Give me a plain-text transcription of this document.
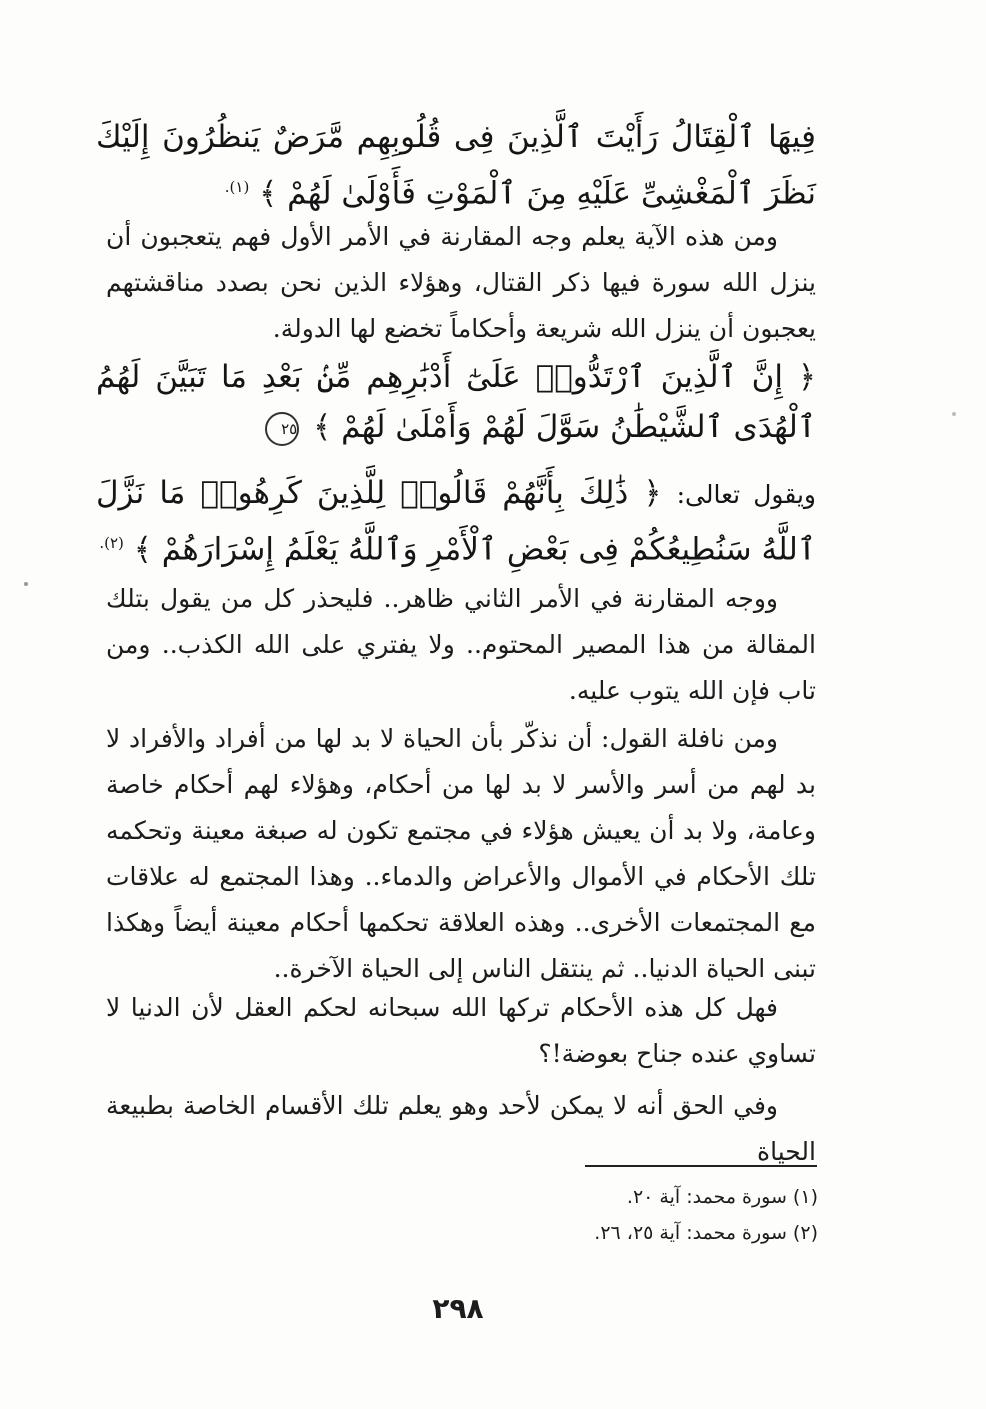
فِيهَا ٱلْقِتَالُ رَأَيْتَ ٱلَّذِينَ فِى قُلُوبِهِم مَّرَضٌ يَنظُرُونَ إِلَيْكَ نَظَرَ ٱلْمَغْشِىِّ عَلَيْهِ مِنَ ٱلْمَوْتِ فَأَوْلَىٰ لَهُمْ ﴾ $^{(١).}$
ومن هذه الآية يعلم وجه المقارنة في الأمر الأول فهم يتعجبون أن ينزل الله سورة فيها ذكر القتال، وهؤلاء الذين نحن بصدد مناقشتهم يعجبون أن ينزل الله شريعة وأحكاماً تخضع لها الدولة.
﴿ إِنَّ ٱلَّذِينَ ٱرْتَدُّوا۟ عَلَىٰٓ أَدْبَٰرِهِم مِّنۢ بَعْدِ مَا تَبَيَّنَ لَهُمُ ٱلْهُدَى ٱلشَّيْطَٰنُ سَوَّلَ لَهُمْ وَأَمْلَىٰ لَهُمْ ﴾ ٢٥
ويقول تعالى: ﴿ ذَٰلِكَ بِأَنَّهُمْ قَالُوا۟ لِلَّذِينَ كَرِهُوا۟ مَا نَزَّلَ ٱللَّهُ سَنُطِيعُكُمْ فِى بَعْضِ ٱلْأَمْرِ وَٱللَّهُ يَعْلَمُ إِسْرَارَهُمْ ﴾ $^{(٢).}$
ووجه المقارنة في الأمر الثاني ظاهر.. فليحذر كل من يقول بتلك المقالة من هذا المصير المحتوم.. ولا يفتري على الله الكذب.. ومن تاب فإن الله يتوب عليه.
ومن نافلة القول: أن نذكّر بأن الحياة لا بد لها من أفراد والأفراد لا بد لهم من أسر والأسر لا بد لها من أحكام، وهؤلاء لهم أحكام خاصة وعامة، ولا بد أن يعيش هؤلاء في مجتمع تكون له صبغة معينة وتحكمه تلك الأحكام في الأموال والأعراض والدماء.. وهذا المجتمع له علاقات مع المجتمعات الأخرى.. وهذه العلاقة تحكمها أحكام معينة أيضاً وهكذا تبنى الحياة الدنيا.. ثم ينتقل الناس إلى الحياة الآخرة..
فهل كل هذه الأحكام تركها الله سبحانه لحكم العقل لأن الدنيا لا تساوي عنده جناح بعوضة!؟
وفي الحق أنه لا يمكن لأحد وهو يعلم تلك الأقسام الخاصة بطبيعة الحياة
(١) سورة محمد: آية ٢٠.
(٢) سورة محمد: آية ٢٥، ٢٦.
٢٩٨
